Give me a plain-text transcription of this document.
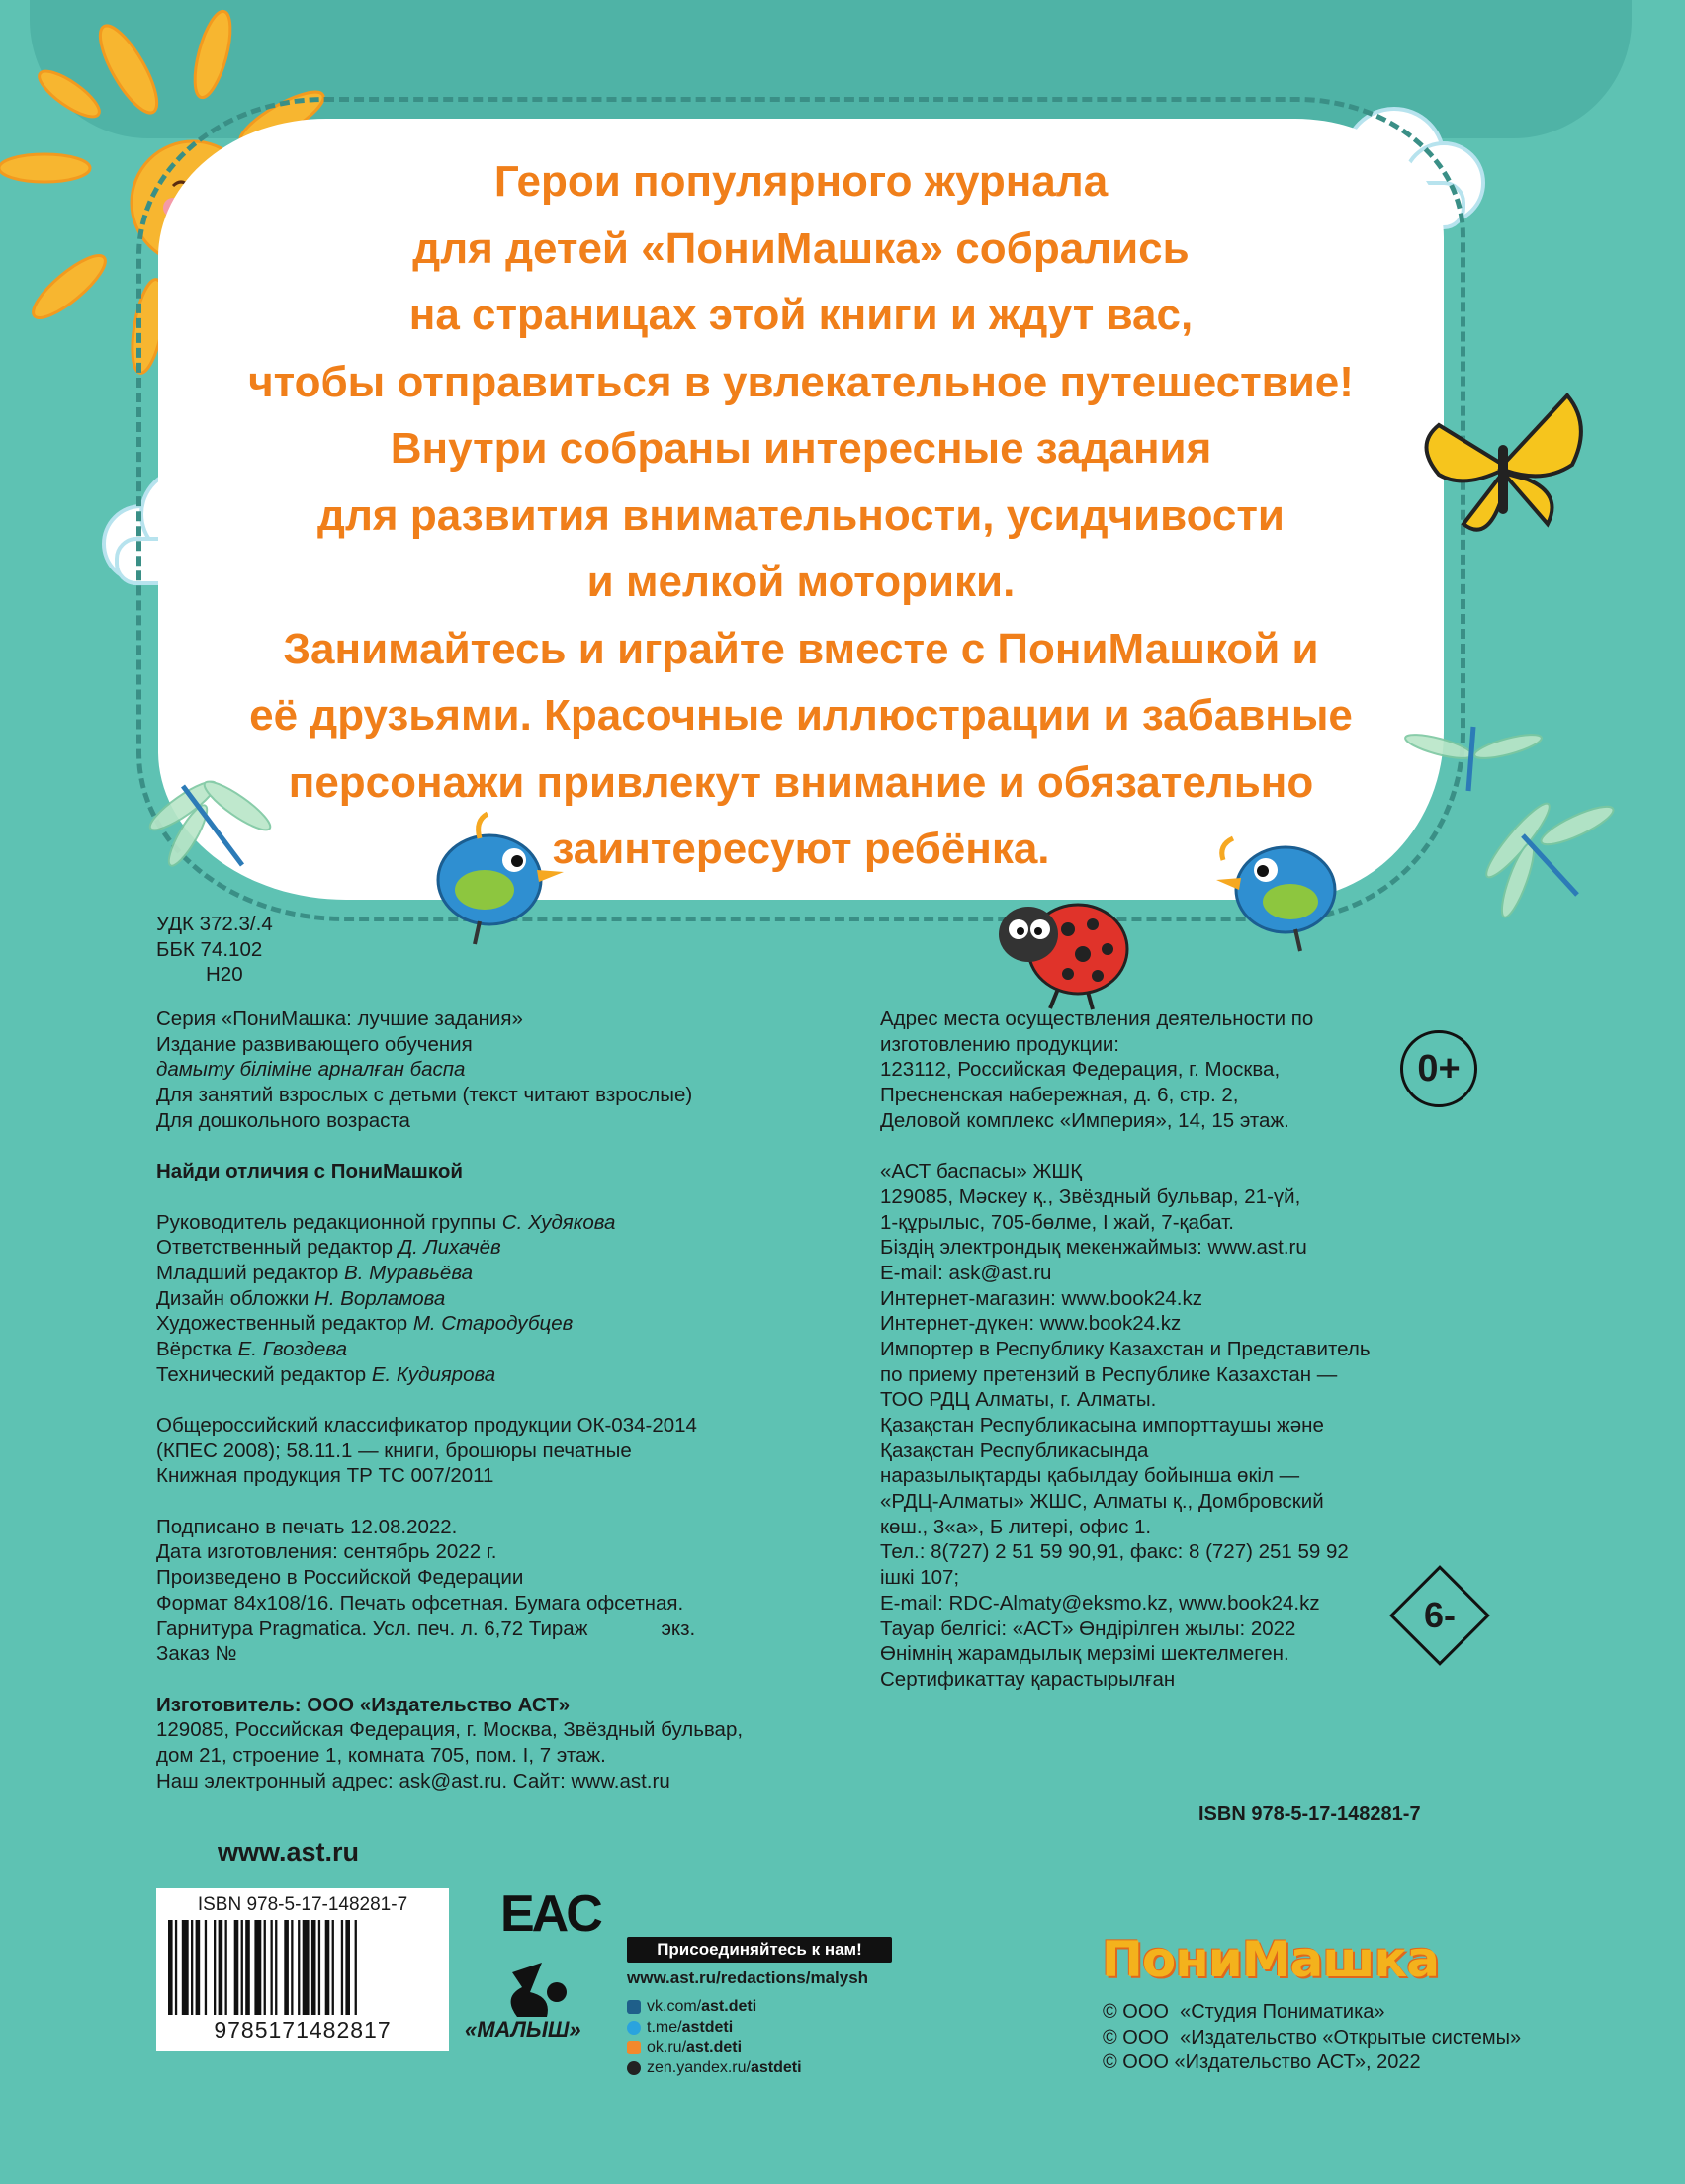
Герои популярного журнала
для детей «ПониМашка» собрались
на страницах этой книги и ждут вас,
чтобы отправиться в увлекательное путешествие!
Внутри собраны интересные задания
для развития внимательности, усидчивости
и мелкой моторики.
Занимайтесь и играйте вместе с ПониМашкой и
её друзьями. Красочные иллюстрации и забавные
персонажи привлекут внимание и обязательно
заинтересуют ребёнка.
УДК 372.3/.4
ББК 74.102
Н20
Серия «ПониМашка: лучшие задания»
Издание развивающего обучения
дамыту біліміне арналған баспа
Для занятий взрослых с детьми (текст читают взрослые)
Для дошкольного возраста
Найди отличия с ПониМашкой
Руководитель редакционной группы С. Худякова
Ответственный редактор Д. Лихачёв
Младший редактор В. Муравьёва
Дизайн обложки Н. Ворламова
Художественный редактор М. Стародубцев
Вёрстка Е. Гвоздева
Технический редактор Е. Кудиярова
Общероссийский классификатор продукции ОК-034-2014
(КПЕС 2008); 58.11.1 — книги, брошюры печатные
Книжная продукция ТР ТС 007/2011
Подписано в печать 12.08.2022.
Дата изготовления: сентябрь 2022 г.
Произведено в Российской Федерации
Формат 84x108/16. Печать офсетная. Бумага офсетная.
Гарнитура Pragmatica. Усл. печ. л. 6,72 Тираж             экз.
Заказ №
Изготовитель: ООО «Издательство АСТ»
129085, Российская Федерация, г. Москва, Звёздный бульвар,
дом 21, строение 1, комната 705, пом. I, 7 этаж.
Наш электронный адрес: ask@ast.ru. Сайт: www.ast.ru
Адрес места осуществления деятельности по
изготовлению продукции:
123112, Российская Федерация, г. Москва,
Пресненская набережная, д. 6, стр. 2,
Деловой комплекс «Империя», 14, 15 этаж.
«АСТ баспасы» ЖШҚ
129085, Мәскеу қ., Звёздный бульвар, 21-үй,
1-құрылыс, 705-бөлме, I жай, 7-қабат.
Біздің электрондық мекенжаймыз: www.ast.ru
E-mail: ask@ast.ru
Интернет-магазин: www.book24.kz
Интернет-дүкен: www.book24.kz
Импортер в Республику Казахстан и Представитель
по приему претензий в Республике Казахстан —
ТОО РДЦ Алматы, г. Алматы.
Қазақстан Республикасына импорттаушы және
Қазақстан Республикасында
наразылықтарды қабылдау бойынша өкіл —
«РДЦ-Алматы» ЖШС, Алматы қ., Домбровский
көш., 3«а», Б литері, офис 1.
Тел.: 8(727) 2 51 59 90,91, факс: 8 (727) 251 59 92
ішкі 107;
E-mail: RDC-Almaty@eksmo.kz, www.book24.kz
Тауар белгісі: «АСТ» Өндірілген жылы: 2022
Өнімнің жарамдылық мерзімі шектелмеген.
Сертификаттау қарастырылған
0+
6-
ISBN 978-5-17-148281-7
www.ast.ru
ISBN 978-5-17-148281-7
9785171482817
EAC
«МАЛЫШ»
Присоединяйтесь к нам!
www.ast.ru/redactions/malysh
vk.com/ ast.deti
t.me/ astdeti
ok.ru/ ast.deti
zen.yandex.ru/ astdeti
ПониМашка
© ООО  «Студия Пониматика»
© ООО  «Издательство «Открытые системы»
© ООО «Издательство АСТ», 2022
